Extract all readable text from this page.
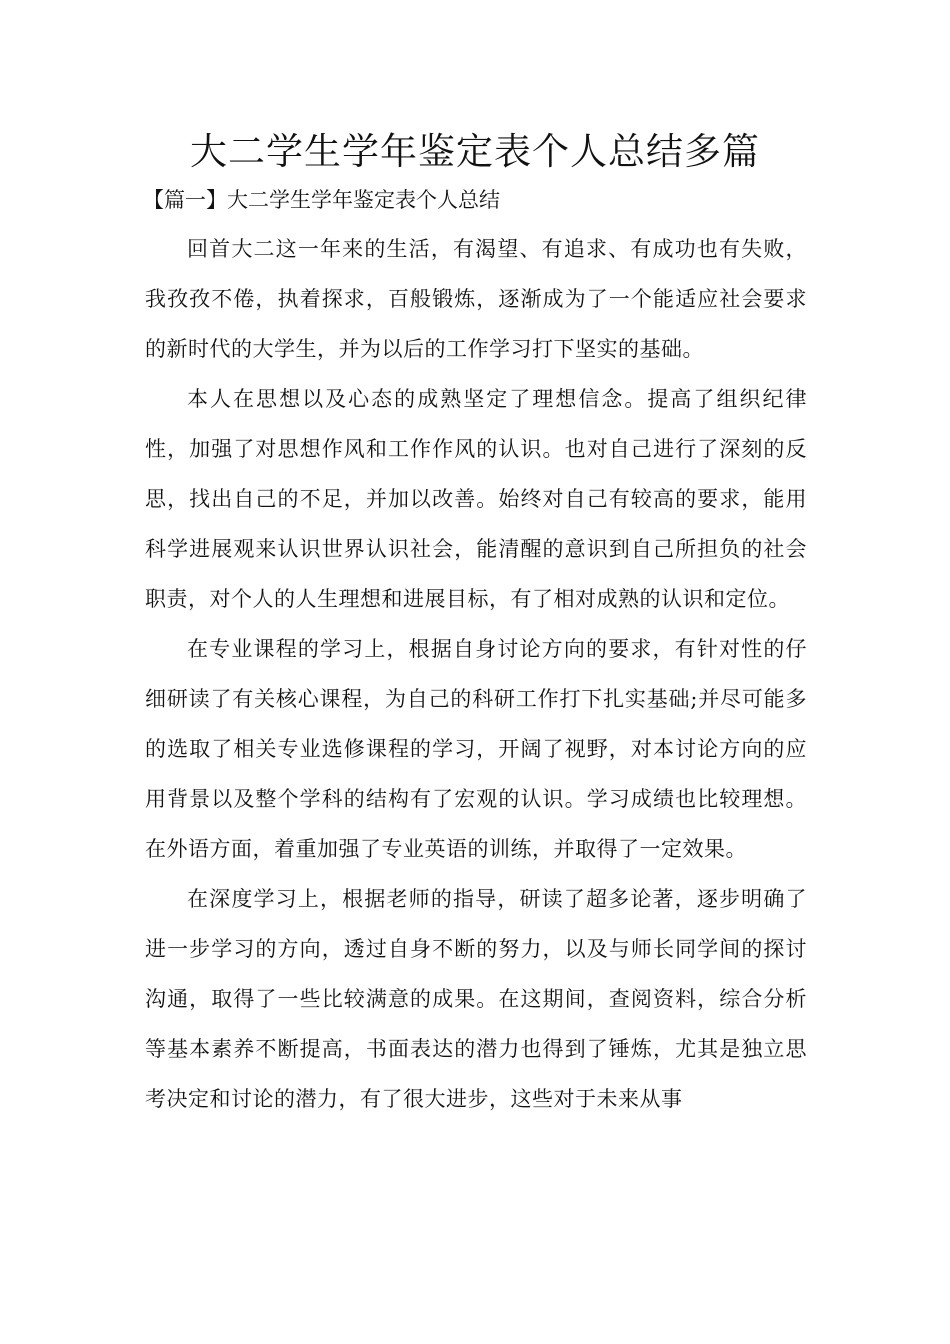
大二学生学年鉴定表个人总结多篇
【篇一】大二学生学年鉴定表个人总结

回首大二这一年来的生活，有渴望、有追求、有成功也有失败，我孜孜不倦，执着探求，百般锻炼，逐渐成为了一个能适应社会要求的新时代的大学生，并为以后的工作学习打下坚实的基础。

本人在思想以及心态的成熟坚定了理想信念。提高了组织纪律性，加强了对思想作风和工作作风的认识。也对自己进行了深刻的反思，找出自己的不足，并加以改善。始终对自己有较高的要求，能用科学进展观来认识世界认识社会，能清醒的意识到自己所担负的社会职责，对个人的人生理想和进展目标，有了相对成熟的认识和定位。

在专业课程的学习上，根据自身讨论方向的要求，有针对性的仔细研读了有关核心课程，为自己的科研工作打下扎实基础;并尽可能多的选取了相关专业选修课程的学习，开阔了视野，对本讨论方向的应用背景以及整个学科的结构有了宏观的认识。学习成绩也比较理想。在外语方面，着重加强了专业英语的训练，并取得了一定效果。

在深度学习上，根据老师的指导，研读了超多论著，逐步明确了进一步学习的方向，透过自身不断的努力，以及与师长同学间的探讨沟通，取得了一些比较满意的成果。在这期间，查阅资料，综合分析等基本素养不断提高，书面表达的潜力也得到了锤炼，尤其是独立思考决定和讨论的潜力，有了很大进步，这些对于未来从事
